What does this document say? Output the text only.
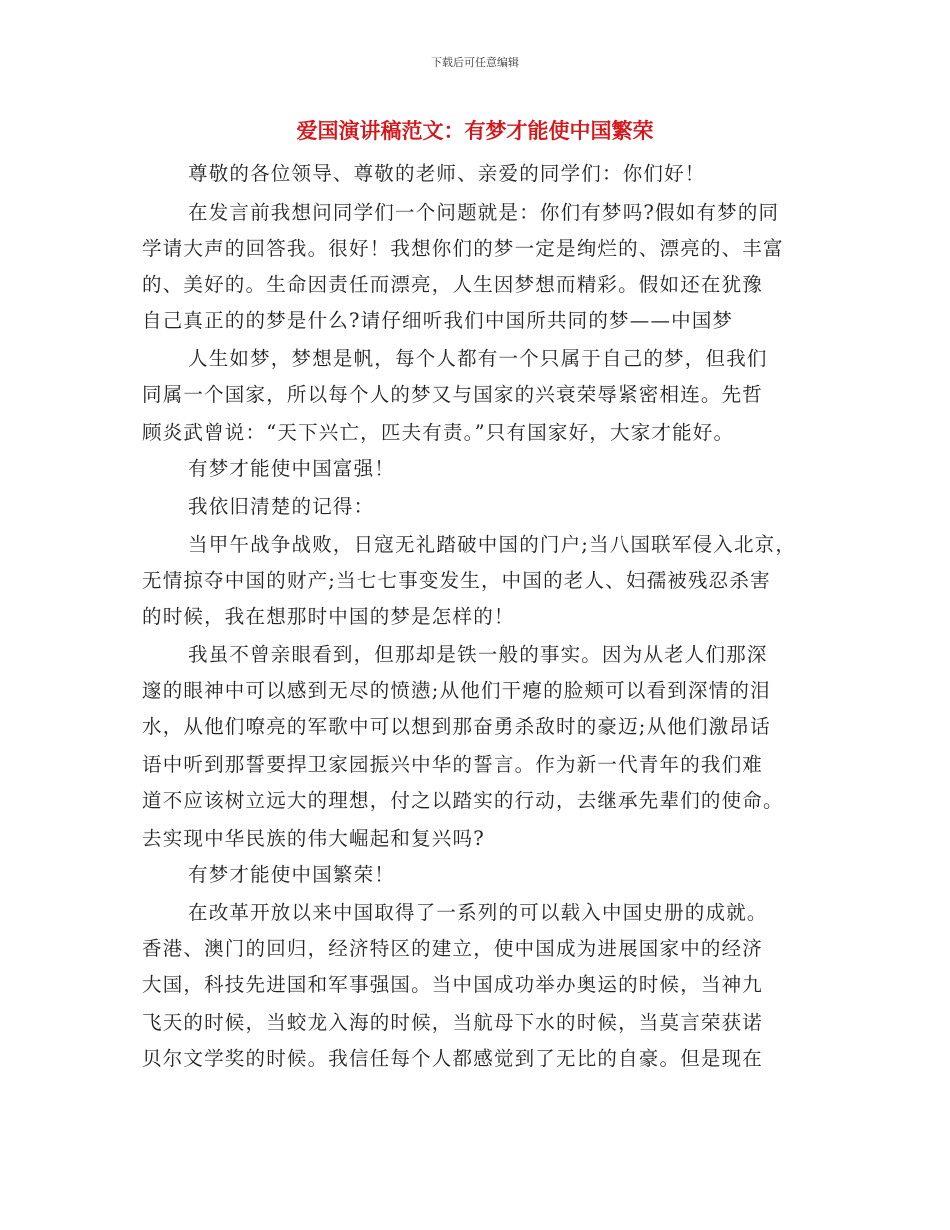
下载后可任意编辑
爱国演讲稿范文：有梦才能使中国繁荣
尊敬的各位领导、尊敬的老师、亲爱的同学们：你们好！
在发言前我想问同学们一个问题就是：你们有梦吗?假如有梦的同
学请大声的回答我。很好！我想你们的梦一定是绚烂的、漂亮的、丰富
的、美好的。生命因责任而漂亮，人生因梦想而精彩。假如还在犹豫
自己真正的的梦是什么?请仔细听我们中国所共同的梦——中国梦
人生如梦，梦想是帆，每个人都有一个只属于自己的梦，但我们
同属一个国家，所以每个人的梦又与国家的兴衰荣辱紧密相连。先哲
顾炎武曾说：“天下兴亡，匹夫有责。”只有国家好，大家才能好。
有梦才能使中国富强！
我依旧清楚的记得：
当甲午战争战败，日寇无礼踏破中国的门户;当八国联军侵入北京，
无情掠夺中国的财产;当七七事变发生，中国的老人、妇孺被残忍杀害
的时候，我在想那时中国的梦是怎样的！
我虽不曾亲眼看到，但那却是铁一般的事实。因为从老人们那深
邃的眼神中可以感到无尽的愤懑;从他们干瘪的脸颊可以看到深情的泪
水，从他们嘹亮的军歌中可以想到那奋勇杀敌时的豪迈;从他们激昂话
语中听到那誓要捍卫家园振兴中华的誓言。作为新一代青年的我们难
道不应该树立远大的理想，付之以踏实的行动，去继承先辈们的使命。
去实现中华民族的伟大崛起和复兴吗?
有梦才能使中国繁荣！
在改革开放以来中国取得了一系列的可以载入中国史册的成就。
香港、澳门的回归，经济特区的建立，使中国成为进展国家中的经济
大国，科技先进国和军事强国。当中国成功举办奥运的时候，当神九
飞天的时候，当蛟龙入海的时候，当航母下水的时候，当莫言荣获诺
贝尔文学奖的时候。我信任每个人都感觉到了无比的自豪。但是现在
